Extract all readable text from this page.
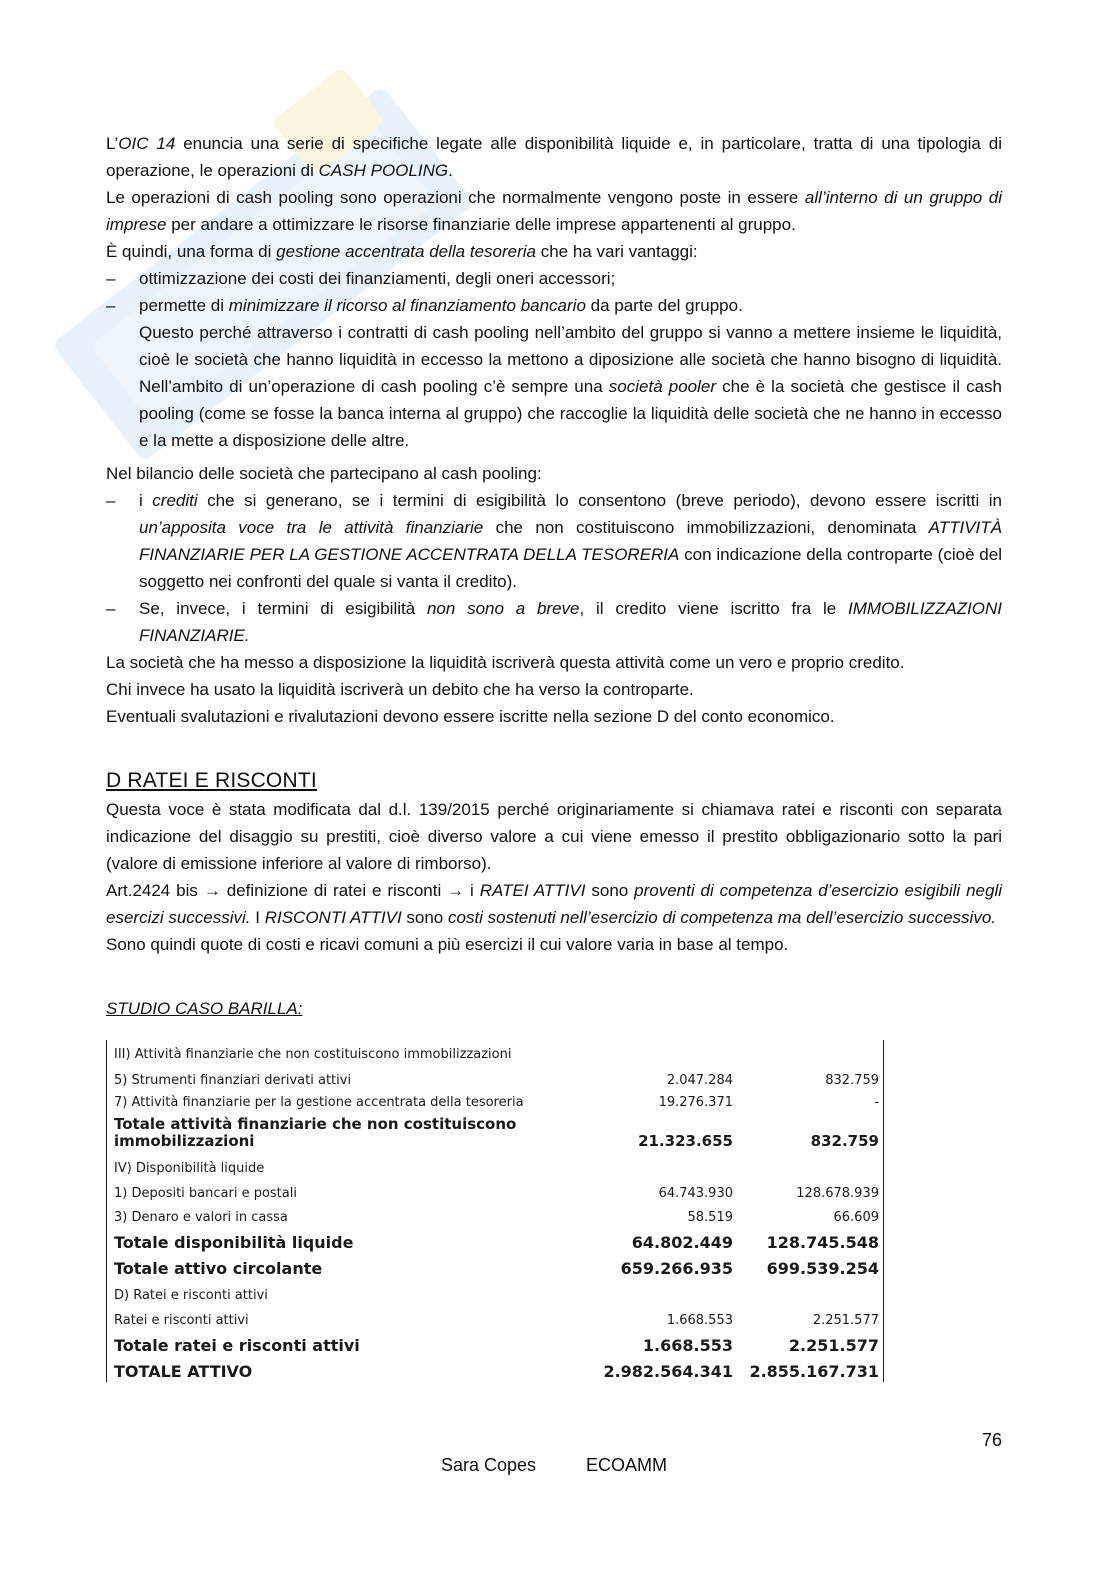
L’OIC 14 enuncia una serie di specifiche legate alle disponibilità liquide e, in particolare, tratta di una tipologia di operazione, le operazioni di CASH POOLING.

Le operazioni di cash pooling sono operazioni che normalmente vengono poste in essere all’interno di un gruppo di imprese per andare a ottimizzare le risorse finanziarie delle imprese appartenenti al gruppo.

È quindi, una forma di gestione accentrata della tesoreria che ha vari vantaggi:

– ottimizzazione dei costi dei finanziamenti, degli oneri accessori;
– permette di minimizzare il ricorso al finanziamento bancario da parte del gruppo.
Questo perché attraverso i contratti di cash pooling nell’ambito del gruppo si vanno a mettere insieme le liquidità, cioè le società che hanno liquidità in eccesso la mettono a diposizione alle società che hanno bisogno di liquidità. Nell’ambito di un’operazione di cash pooling c’è sempre una società pooler che è la società che gestisce il cash pooling (come se fosse la banca interna al gruppo) che raccoglie la liquidità delle società che ne hanno in eccesso e la mette a disposizione delle altre.

Nel bilancio delle società che partecipano al cash pooling:

– i crediti che si generano, se i termini di esigibilità lo consentono (breve periodo), devono essere iscritti in un’apposita voce tra le attività finanziarie che non costituiscono immobilizzazioni, denominata ATTIVITÀ FINANZIARIE PER LA GESTIONE ACCENTRATA DELLA TESORERIA con indicazione della controparte (cioè del soggetto nei confronti del quale si vanta il credito).
– Se, invece, i termini di esigibilità non sono a breve, il credito viene iscritto fra le IMMOBILIZZAZIONI FINANZIARIE.

La società che ha messo a disposizione la liquidità iscriverà questa attività come un vero e proprio credito.

Chi invece ha usato la liquidità iscriverà un debito che ha verso la controparte.

Eventuali svalutazioni e rivalutazioni devono essere iscritte nella sezione D del conto economico.

D RATEI E RISCONTI

Questa voce è stata modificata dal d.l. 139/2015 perché originariamente si chiamava ratei e risconti con separata indicazione del disaggio su prestiti, cioè diverso valore a cui viene emesso il prestito obbligazionario sotto la pari (valore di emissione inferiore al valore di rimborso).

Art.2424 bis → definizione di ratei e risconti → i RATEI ATTIVI sono proventi di competenza d’esercizio esigibili negli esercizi successivi. I RISCONTI ATTIVI sono costi sostenuti nell’esercizio di competenza ma dell’esercizio successivo.

Sono quindi quote di costi e ricavi comuni a più esercizi il cui valore varia in base al tempo.

STUDIO CASO BARILLA:
III) Attività finanziarie che non costituiscono immobilizzazioni		
5) Strumenti finanziari derivati attivi	2.047.284	832.759
7) Attività finanziarie per la gestione accentrata della tesoreria	19.276.371	-
Totale attività finanziarie che non costituiscono immobilizzazioni	21.323.655	832.759
IV) Disponibilità liquide		
1) Depositi bancari e postali	64.743.930	128.678.939
3) Denaro e valori in cassa	58.519	66.609
Totale disponibilità liquide	64.802.449	128.745.548
Totale attivo circolante	659.266.935	699.539.254
D) Ratei e risconti attivi		
Ratei e risconti attivi	1.668.553	2.251.577
Totale ratei e risconti attivi	1.668.553	2.251.577
TOTALE ATTIVO	2.982.564.341	2.855.167.731
76
Sara Copes	ECOAMM
